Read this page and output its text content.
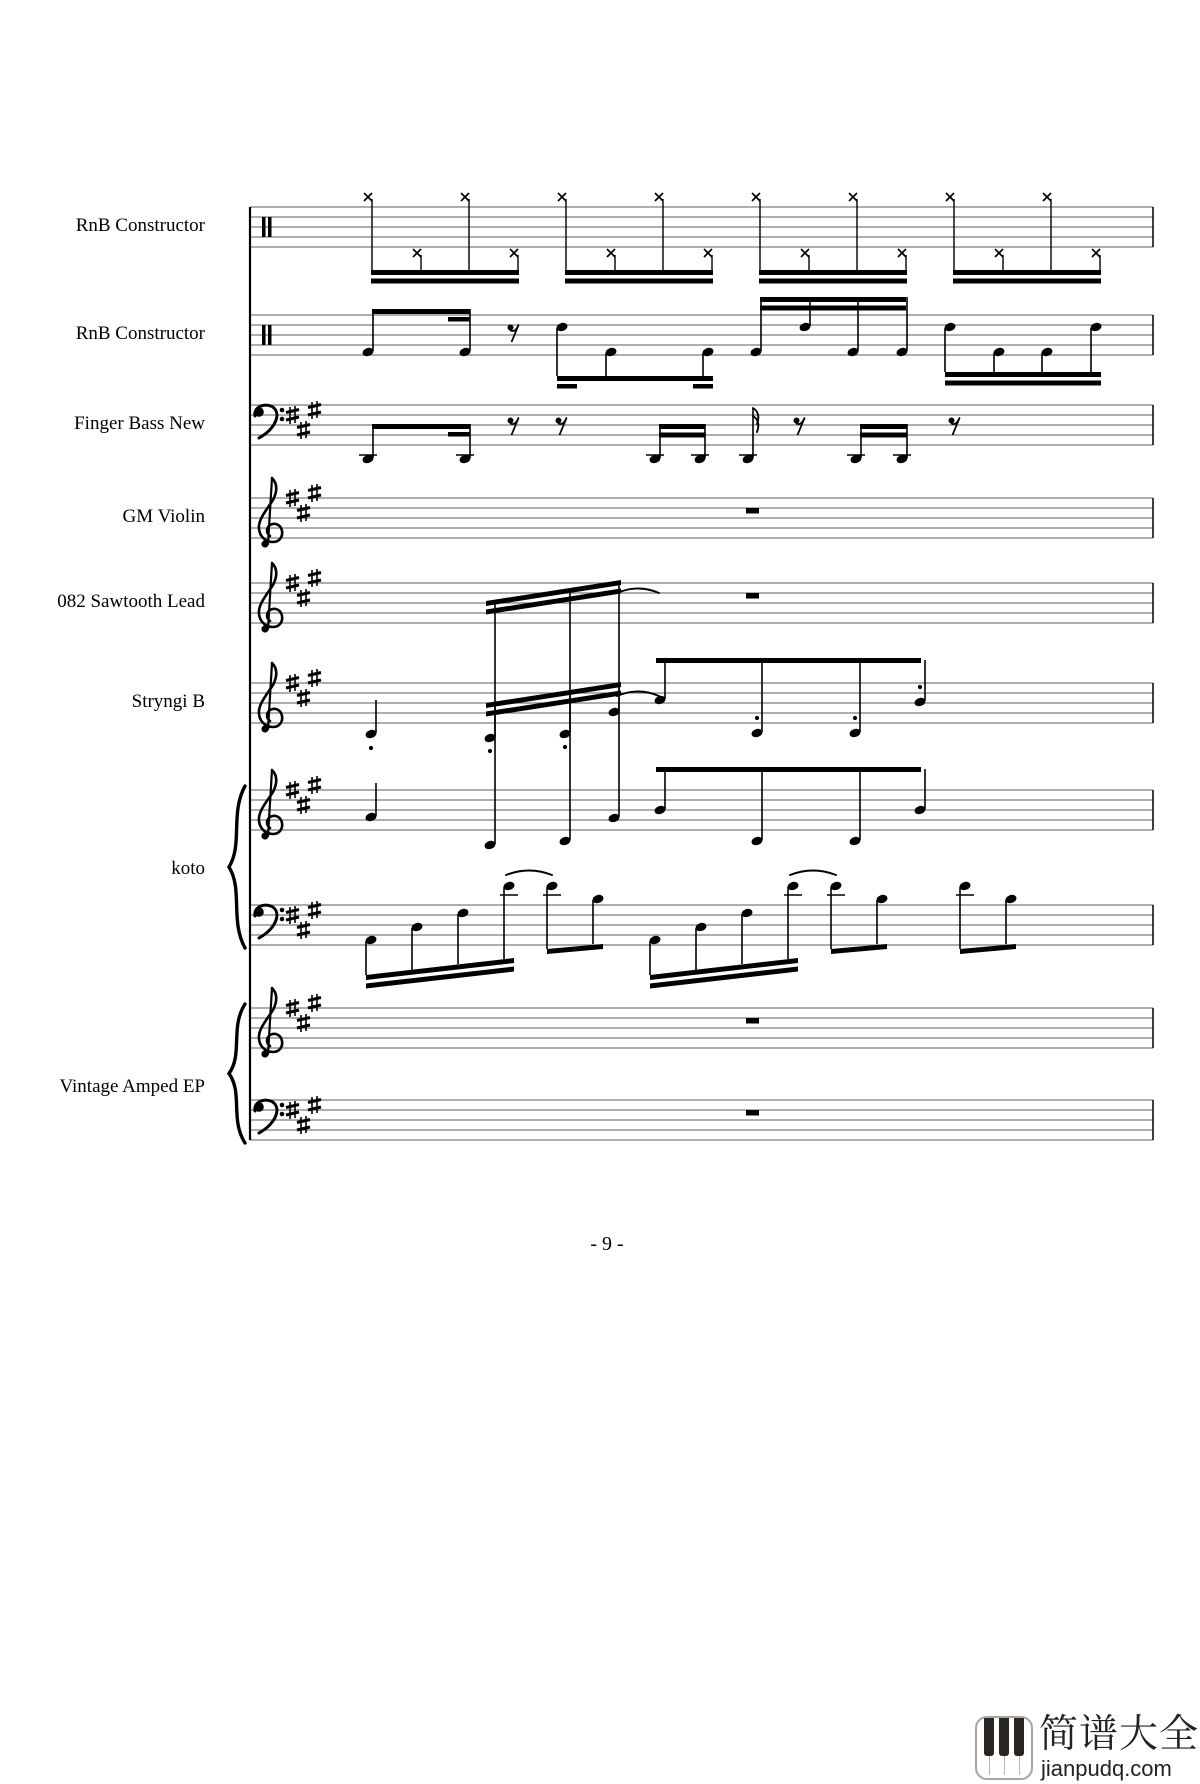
RnB Constructor
RnB Constructor
Finger Bass New
GM Violin
082 Sawtooth Lead
Stryngi B
koto
Vintage Amped EP
- 9 -
简谱大全
jianpudq.com
